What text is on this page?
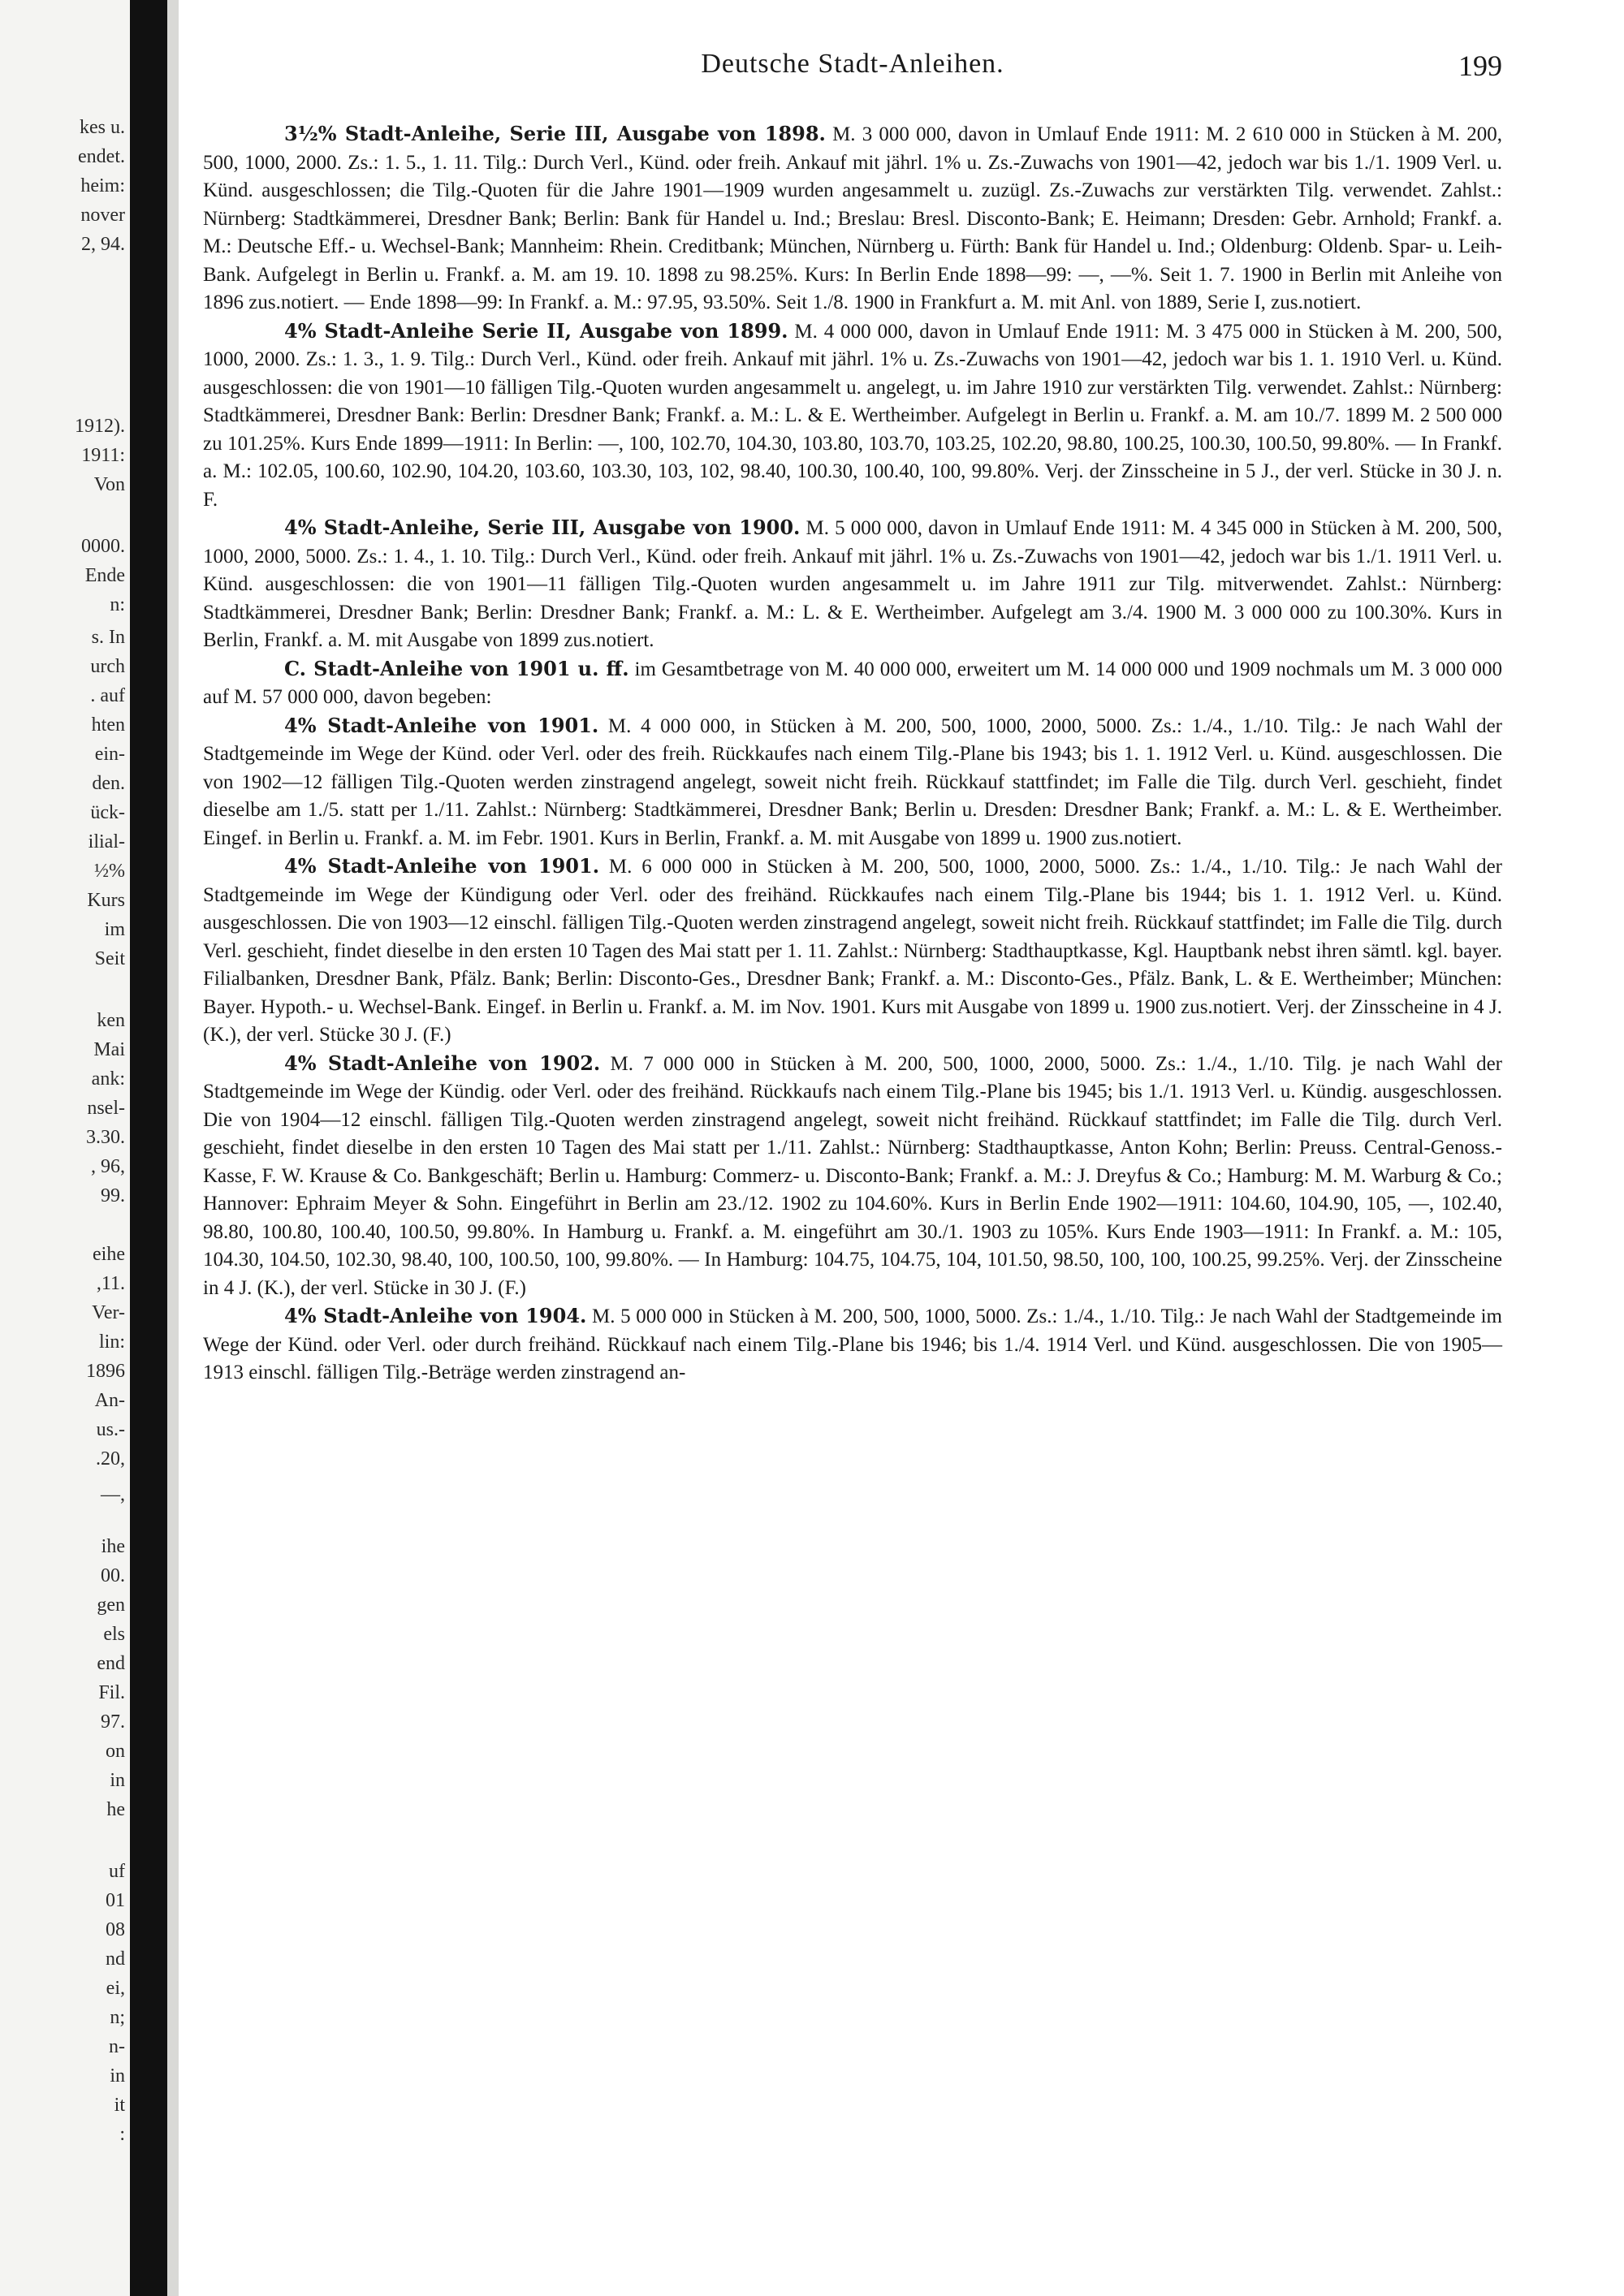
kes u.
endet.
heim:
nover
2, 94.
1912).
1911:
Von
0000.
Ende
n:
s. In
urch
. auf
hten
ein-
den.
ück-
ilial-
½%
Kurs
im
Seit
ken
Mai
ank:
nsel-
3.30.
, 96,
99.
eihe
,11.
Ver-
lin:
1896
An-
us.-
.20,
—,
ihe
00.
gen
els
end
Fil.
97.
on
in
he
uf
01
08
nd
ei,
n;
n-
in
it
:
Deutsche Stadt-Anleihen.	199

3½% Stadt-Anleihe, Serie III, Ausgabe von 1898. M. 3 000 000, davon in Umlauf Ende 1911: M. 2 610 000 in Stücken à M. 200, 500, 1000, 2000. Zs.: 1. 5., 1. 11. Tilg.: Durch Verl., Künd. oder freih. Ankauf mit jährl. 1% u. Zs.-Zuwachs von 1901—42, jedoch war bis 1./1. 1909 Verl. u. Künd. ausgeschlossen; die Tilg.-Quoten für die Jahre 1901—1909 wurden angesammelt u. zuzügl. Zs.-Zuwachs zur verstärkten Tilg. verwendet. Zahlst.: Nürnberg: Stadtkämmerei, Dresdner Bank; Berlin: Bank für Handel u. Ind.; Breslau: Bresl. Disconto-Bank; E. Heimann; Dresden: Gebr. Arnhold; Frankf. a. M.: Deutsche Eff.- u. Wechsel-Bank; Mannheim: Rhein. Creditbank; München, Nürnberg u. Fürth: Bank für Handel u. Ind.; Oldenburg: Oldenb. Spar- u. Leih-Bank. Aufgelegt in Berlin u. Frankf. a. M. am 19. 10. 1898 zu 98.25%. Kurs: In Berlin Ende 1898—99: —, —%. Seit 1. 7. 1900 in Berlin mit Anleihe von 1896 zus.notiert. — Ende 1898—99: In Frankf. a. M.: 97.95, 93.50%. Seit 1./8. 1900 in Frankfurt a. M. mit Anl. von 1889, Serie I, zus.notiert.

4% Stadt-Anleihe Serie II, Ausgabe von 1899. M. 4 000 000, davon in Umlauf Ende 1911: M. 3 475 000 in Stücken à M. 200, 500, 1000, 2000. Zs.: 1. 3., 1. 9. Tilg.: Durch Verl., Künd. oder freih. Ankauf mit jährl. 1% u. Zs.-Zuwachs von 1901—42, jedoch war bis 1. 1. 1910 Verl. u. Künd. ausgeschlossen: die von 1901—10 fälligen Tilg.-Quoten wurden angesammelt u. angelegt, u. im Jahre 1910 zur verstärkten Tilg. verwendet. Zahlst.: Nürnberg: Stadtkämmerei, Dresdner Bank: Berlin: Dresdner Bank; Frankf. a. M.: L. & E. Wertheimber. Aufgelegt in Berlin u. Frankf. a. M. am 10./7. 1899 M. 2 500 000 zu 101.25%. Kurs Ende 1899—1911: In Berlin: —, 100, 102.70, 104.30, 103.80, 103.70, 103.25, 102.20, 98.80, 100.25, 100.30, 100.50, 99.80%. — In Frankf. a. M.: 102.05, 100.60, 102.90, 104.20, 103.60, 103.30, 103, 102, 98.40, 100.30, 100.40, 100, 99.80%. Verj. der Zinsscheine in 5 J., der verl. Stücke in 30 J. n. F.

4% Stadt-Anleihe, Serie III, Ausgabe von 1900. M. 5 000 000, davon in Umlauf Ende 1911: M. 4 345 000 in Stücken à M. 200, 500, 1000, 2000, 5000. Zs.: 1. 4., 1. 10. Tilg.: Durch Verl., Künd. oder freih. Ankauf mit jährl. 1% u. Zs.-Zuwachs von 1901—42, jedoch war bis 1./1. 1911 Verl. u. Künd. ausgeschlossen: die von 1901—11 fälligen Tilg.-Quoten wurden angesammelt u. im Jahre 1911 zur Tilg. mitverwendet. Zahlst.: Nürnberg: Stadtkämmerei, Dresdner Bank; Berlin: Dresdner Bank; Frankf. a. M.: L. & E. Wertheimber. Aufgelegt am 3./4. 1900 M. 3 000 000 zu 100.30%. Kurs in Berlin, Frankf. a. M. mit Ausgabe von 1899 zus.notiert.

C. Stadt-Anleihe von 1901 u. ff. im Gesamtbetrage von M. 40 000 000, erweitert um M. 14 000 000 und 1909 nochmals um M. 3 000 000 auf M. 57 000 000, davon begeben:

4% Stadt-Anleihe von 1901. M. 4 000 000, in Stücken à M. 200, 500, 1000, 2000, 5000. Zs.: 1./4., 1./10. Tilg.: Je nach Wahl der Stadtgemeinde im Wege der Künd. oder Verl. oder des freih. Rückkaufes nach einem Tilg.-Plane bis 1943; bis 1. 1. 1912 Verl. u. Künd. ausgeschlossen. Die von 1902—12 fälligen Tilg.-Quoten werden zinstragend angelegt, soweit nicht freih. Rückkauf stattfindet; im Falle die Tilg. durch Verl. geschieht, findet dieselbe am 1./5. statt per 1./11. Zahlst.: Nürnberg: Stadtkämmerei, Dresdner Bank; Berlin u. Dresden: Dresdner Bank; Frankf. a. M.: L. & E. Wertheimber. Eingef. in Berlin u. Frankf. a. M. im Febr. 1901. Kurs in Berlin, Frankf. a. M. mit Ausgabe von 1899 u. 1900 zus.notiert.

4% Stadt-Anleihe von 1901. M. 6 000 000 in Stücken à M. 200, 500, 1000, 2000, 5000. Zs.: 1./4., 1./10. Tilg.: Je nach Wahl der Stadtgemeinde im Wege der Kündigung oder Verl. oder des freihänd. Rückkaufes nach einem Tilg.-Plane bis 1944; bis 1. 1. 1912 Verl. u. Künd. ausgeschlossen. Die von 1903—12 einschl. fälligen Tilg.-Quoten werden zinstragend angelegt, soweit nicht freih. Rückkauf stattfindet; im Falle die Tilg. durch Verl. geschieht, findet dieselbe in den ersten 10 Tagen des Mai statt per 1. 11. Zahlst.: Nürnberg: Stadthauptkasse, Kgl. Hauptbank nebst ihren sämtl. kgl. bayer. Filialbanken, Dresdner Bank, Pfälz. Bank; Berlin: Disconto-Ges., Dresdner Bank; Frankf. a. M.: Disconto-Ges., Pfälz. Bank, L. & E. Wertheimber; München: Bayer. Hypoth.- u. Wechsel-Bank. Eingef. in Berlin u. Frankf. a. M. im Nov. 1901. Kurs mit Ausgabe von 1899 u. 1900 zus.notiert. Verj. der Zinsscheine in 4 J. (K.), der verl. Stücke 30 J. (F.)

4% Stadt-Anleihe von 1902. M. 7 000 000 in Stücken à M. 200, 500, 1000, 2000, 5000. Zs.: 1./4., 1./10. Tilg. je nach Wahl der Stadtgemeinde im Wege der Kündig. oder Verl. oder des freihänd. Rückkaufs nach einem Tilg.-Plane bis 1945; bis 1./1. 1913 Verl. u. Kündig. ausgeschlossen. Die von 1904—12 einschl. fälligen Tilg.-Quoten werden zinstragend angelegt, soweit nicht freihänd. Rückkauf stattfindet; im Falle die Tilg. durch Verl. geschieht, findet dieselbe in den ersten 10 Tagen des Mai statt per 1./11. Zahlst.: Nürnberg: Stadthauptkasse, Anton Kohn; Berlin: Preuss. Central-Genoss.-Kasse, F. W. Krause & Co. Bankgeschäft; Berlin u. Hamburg: Commerz- u. Disconto-Bank; Frankf. a. M.: J. Dreyfus & Co.; Hamburg: M. M. Warburg & Co.; Hannover: Ephraim Meyer & Sohn. Eingeführt in Berlin am 23./12. 1902 zu 104.60%. Kurs in Berlin Ende 1902—1911: 104.60, 104.90, 105, —, 102.40, 98.80, 100.80, 100.40, 100.50, 99.80%. In Hamburg u. Frankf. a. M. eingeführt am 30./1. 1903 zu 105%. Kurs Ende 1903—1911: In Frankf. a. M.: 105, 104.30, 104.50, 102.30, 98.40, 100, 100.50, 100, 99.80%. — In Hamburg: 104.75, 104.75, 104, 101.50, 98.50, 100, 100, 100.25, 99.25%. Verj. der Zinsscheine in 4 J. (K.), der verl. Stücke in 30 J. (F.)

4% Stadt-Anleihe von 1904. M. 5 000 000 in Stücken à M. 200, 500, 1000, 5000. Zs.: 1./4., 1./10. Tilg.: Je nach Wahl der Stadtgemeinde im Wege der Künd. oder Verl. oder durch freihänd. Rückkauf nach einem Tilg.-Plane bis 1946; bis 1./4. 1914 Verl. und Künd. ausgeschlossen. Die von 1905—1913 einschl. fälligen Tilg.-Beträge werden zinstragend an-
